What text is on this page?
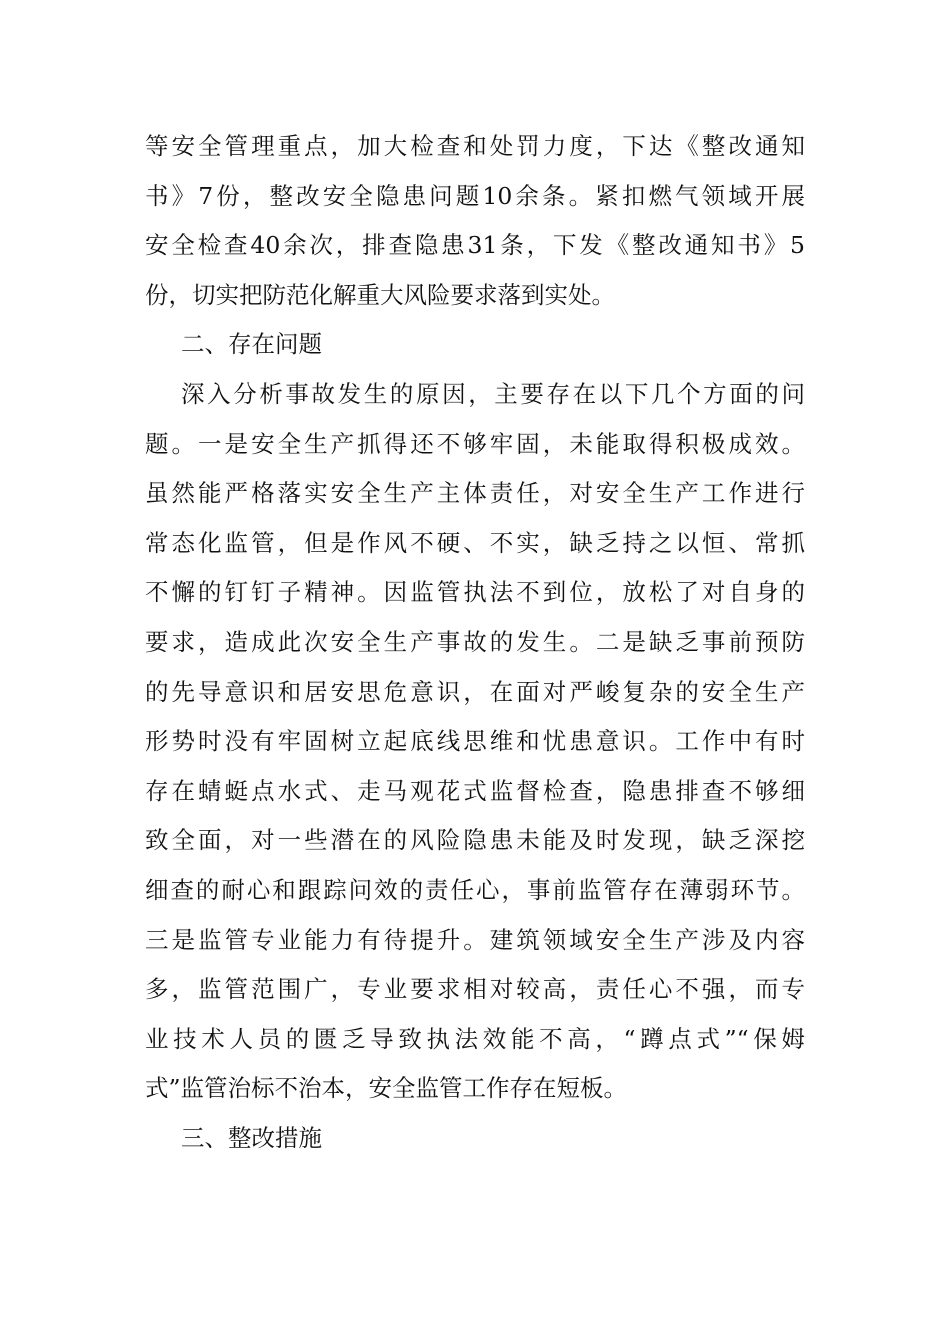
等安全管理重点，加大检查和处罚力度，下达《整改通知
书》7份，整改安全隐患问题10余条。紧扣燃气领域开展
安全检查40余次，排查隐患31条，下发《整改通知书》5
份，切实把防范化解重大风险要求落到实处。
二、存在问题
深入分析事故发生的原因，主要存在以下几个方面的问
题。一是安全生产抓得还不够牢固，未能取得积极成效。
虽然能严格落实安全生产主体责任，对安全生产工作进行
常态化监管，但是作风不硬、不实，缺乏持之以恒、常抓
不懈的钉钉子精神。因监管执法不到位，放松了对自身的
要求，造成此次安全生产事故的发生。二是缺乏事前预防
的先导意识和居安思危意识，在面对严峻复杂的安全生产
形势时没有牢固树立起底线思维和忧患意识。工作中有时
存在蜻蜓点水式、走马观花式监督检查，隐患排查不够细
致全面，对一些潜在的风险隐患未能及时发现，缺乏深挖
细查的耐心和跟踪问效的责任心，事前监管存在薄弱环节。
三是监管专业能力有待提升。建筑领域安全生产涉及内容
多，监管范围广，专业要求相对较高，责任心不强，而专
业技术人员的匮乏导致执法效能不高，“蹲点式”“保姆
式”监管治标不治本，安全监管工作存在短板。
三、整改措施
